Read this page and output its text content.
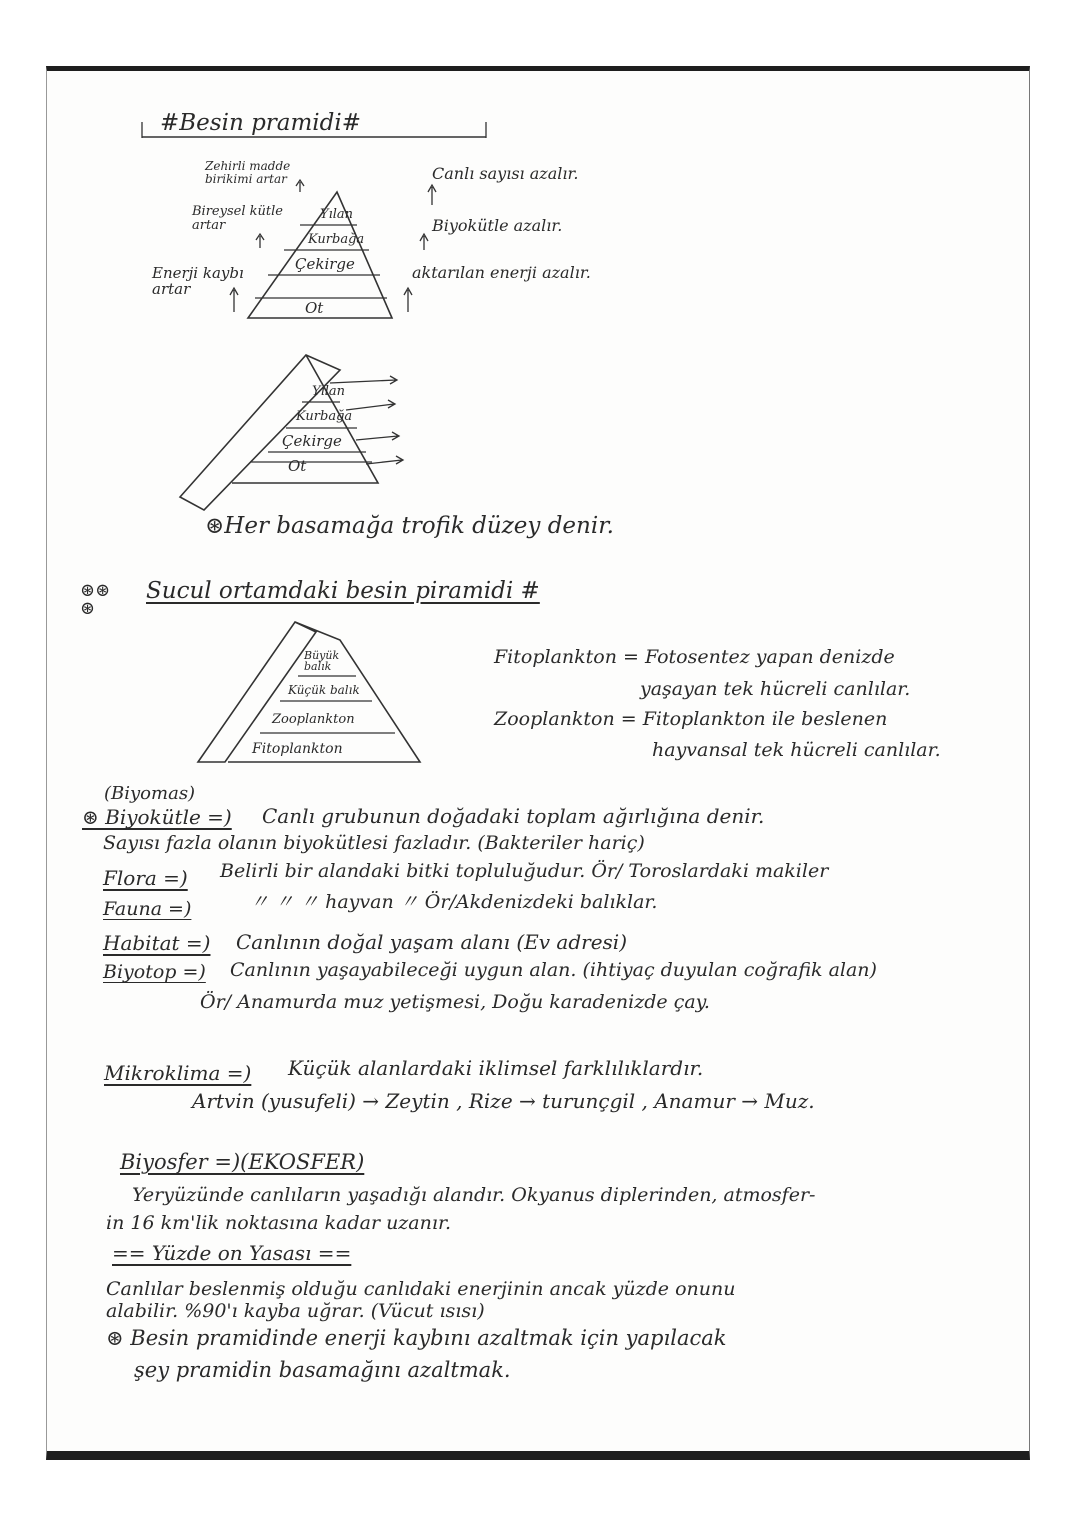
#Besin pramidi#
Yılan
Kurbağa
Çekirge
Ot
Zehirli madde birikimi artar
Bireysel kütle artar
Enerji kaybı artar
Canlı sayısı azalır.
Biyokütle azalır.
aktarılan enerji azalır.
Yılan
Kurbağa
Çekirge
Ot
⊛Her basamağa trofik düzey denir.
⊛⊛ ⊛
Sucul ortamdaki besin piramidi #
Büyük balık
Küçük balık
Zooplankton
Fitoplankton
Fitoplankton = Fotosentez yapan denizde
yaşayan tek hücreli canlılar.
Zooplankton = Fitoplankton ile beslenen
hayvansal tek hücreli canlılar.
(Biyomas)
⊛ Biyokütle =) Canlı grubunun doğadaki toplam ağırlığına denir.
Sayısı fazla olanın biyokütlesi fazladır. (Bakteriler hariç)
Flora =) Belirli bir alandaki bitki topluluğudur. Ör/ Toroslardaki makiler
Fauna =)	〃 〃 〃 hayvan 〃 Ör/Akdenizdeki balıklar.
Habitat =) Canlının doğal yaşam alanı (Ev adresi)
Biyotop =) Canlının yaşayabileceği uygun alan. (ihtiyaç duyulan coğrafik alan)
Ör/ Anamurda muz yetişmesi, Doğu karadenizde çay.
Mikroklima =) Küçük alanlardaki iklimsel farklılıklardır.
Artvin (yusufeli) → Zeytin , Rize → turunçgil , Anamur → Muz.
Biyosfer =)(EKOSFER)
Yeryüzünde canlıların yaşadığı alandır. Okyanus diplerinden, atmosfer-
in 16 km'lik noktasına kadar uzanır.
== Yüzde on Yasası ==
Canlılar beslenmiş olduğu canlıdaki enerjinin ancak yüzde onunu
alabilir. %90'ı kayba uğrar. (Vücut ısısı)
⊛ Besin pramidinde enerji kaybını azaltmak için yapılacak
şey pramidin basamağını azaltmak.
